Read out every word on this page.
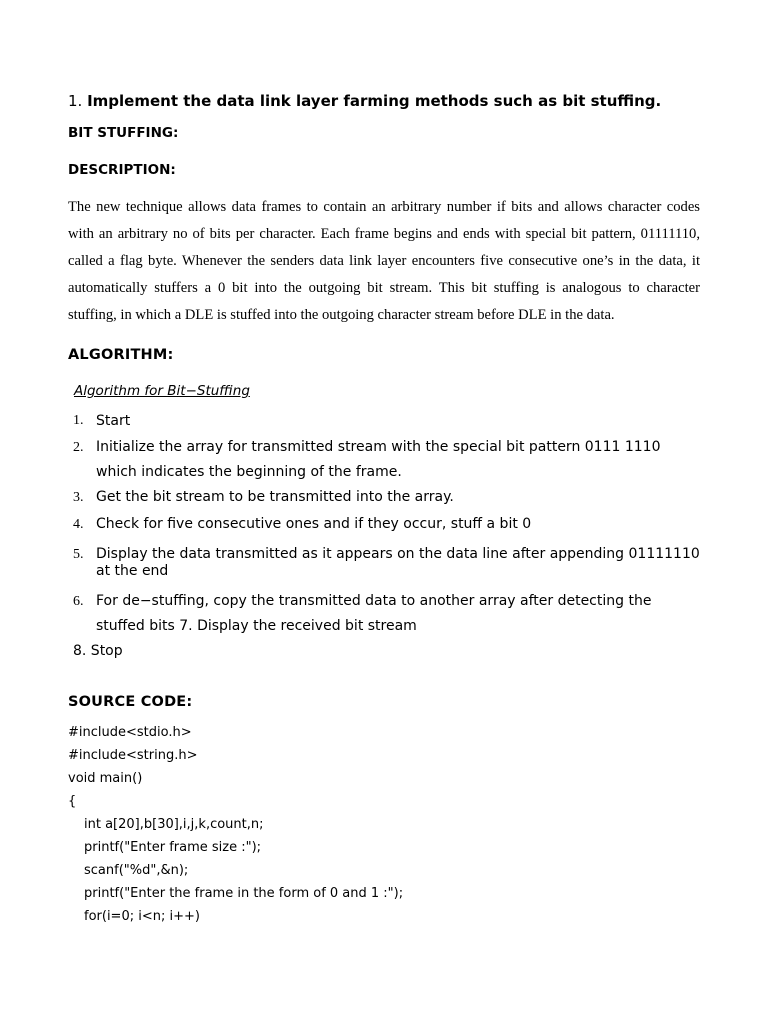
1. Implement the data link layer farming methods such as bit stuffing.

BIT STUFFING:

DESCRIPTION:

The new technique allows data frames to contain an arbitrary number if bits and allows character codes with an arbitrary no of bits per character. Each frame begins and ends with special bit pattern, 01111110, called a flag byte. Whenever the senders data link layer encounters five consecutive one’s in the data, it automatically stuffers a 0 bit into the outgoing bit stream. This bit stuffing is analogous to character stuffing, in which a DLE is stuffed into the outgoing character stream before DLE in the data.

ALGORITHM:

Algorithm for Bit−Stuffing

1. Start
2. Initialize the array for transmitted stream with the special bit pattern 0111 1110 which indicates the beginning of the frame.
3. Get the bit stream to be transmitted into the array.
4. Check for five consecutive ones and if they occur, stuff a bit 0
5. Display the data transmitted as it appears on the data line after appending 01111110 at the end
6. For de−stuffing, copy the transmitted data to another array after detecting the stuffed bits 7. Display the received bit stream

8. Stop

SOURCE CODE:

#include<stdio.h>
#include<string.h>
void main()
{
int a[20],b[30],i,j,k,count,n;
printf("Enter frame size :");
scanf("%d",&n);
printf("Enter the frame in the form of 0 and 1 :");
for(i=0; i<n; i++)
